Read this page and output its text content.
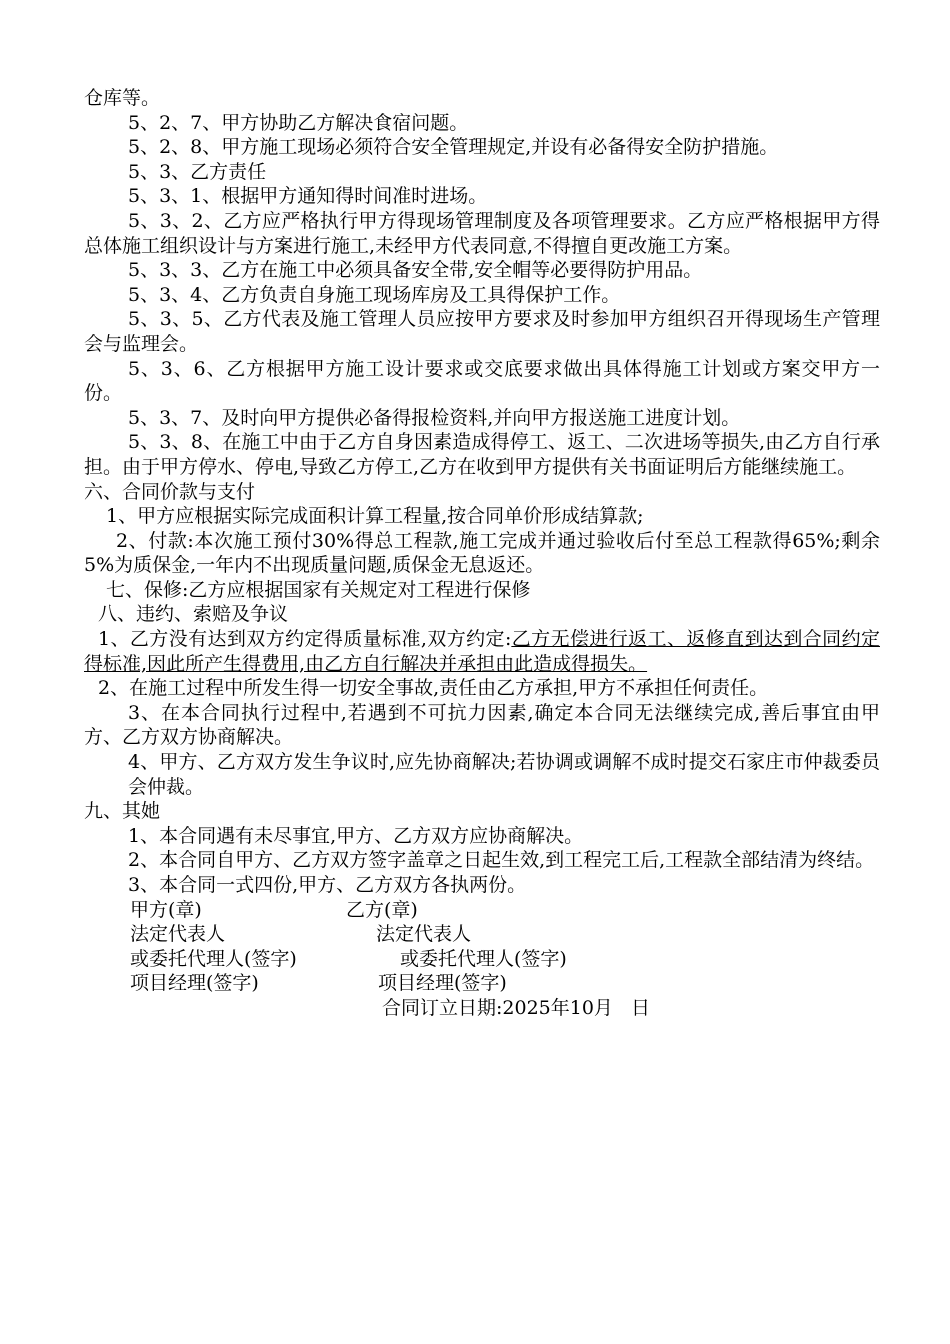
仓库等。

5、2、7、甲方协助乙方解决食宿问题。

5、2、8、甲方施工现场必须符合安全管理规定,并设有必备得安全防护措施。

5、3、乙方责任

5、3、1、根据甲方通知得时间准时进场。

5、3、2、乙方应严格执行甲方得现场管理制度及各项管理要求。乙方应严格根据甲方得总体施工组织设计与方案进行施工,未经甲方代表同意,不得擅自更改施工方案。

5、3、3、乙方在施工中必须具备安全带,安全帽等必要得防护用品。

5、3、4、乙方负责自身施工现场库房及工具得保护工作。

5、3、5、乙方代表及施工管理人员应按甲方要求及时参加甲方组织召开得现场生产管理会与监理会。

5、3、6、乙方根据甲方施工设计要求或交底要求做出具体得施工计划或方案交甲方一份。

5、3、7、及时向甲方提供必备得报检资料,并向甲方报送施工进度计划。

5、3、8、在施工中由于乙方自身因素造成得停工、返工、二次进场等损失,由乙方自行承担。由于甲方停水、停电,导致乙方停工,乙方在收到甲方提供有关书面证明后方能继续施工。

六、合同价款与支付

1、甲方应根据实际完成面积计算工程量,按合同单价形成结算款;

2、付款:本次施工预付30%得总工程款,施工完成并通过验收后付至总工程款得65%;剩余5%为质保金,一年内不出现质量问题,质保金无息返还。

七、保修:乙方应根据国家有关规定对工程进行保修

八、违约、索赔及争议

1、乙方没有达到双方约定得质量标准,双方约定:乙方无偿进行返工、返修直到达到合同约定得标准,因此所产生得费用,由乙方自行解决并承担由此造成得损失。

2、在施工过程中所发生得一切安全事故,责任由乙方承担,甲方不承担任何责任。

3、在本合同执行过程中,若遇到不可抗力因素,确定本合同无法继续完成,善后事宜由甲方、乙方双方协商解决。

4、甲方、乙方双方发生争议时,应先协商解决;若协调或调解不成时提交石家庄市仲裁委员会仲裁。

九、其她

1、本合同遇有未尽事宜,甲方、乙方双方应协商解决。

2、本合同自甲方、乙方双方签字盖章之日起生效,到工程完工后,工程款全部结清为终结。

3、本合同一式四份,甲方、乙方双方各执两份。

甲方(章)	乙方(章)
法定代表人	法定代表人
或委托代理人(签字)	或委托代理人(签字)
项目经理(签字)	项目经理(签字)
合同订立日期:2025年10月   日
